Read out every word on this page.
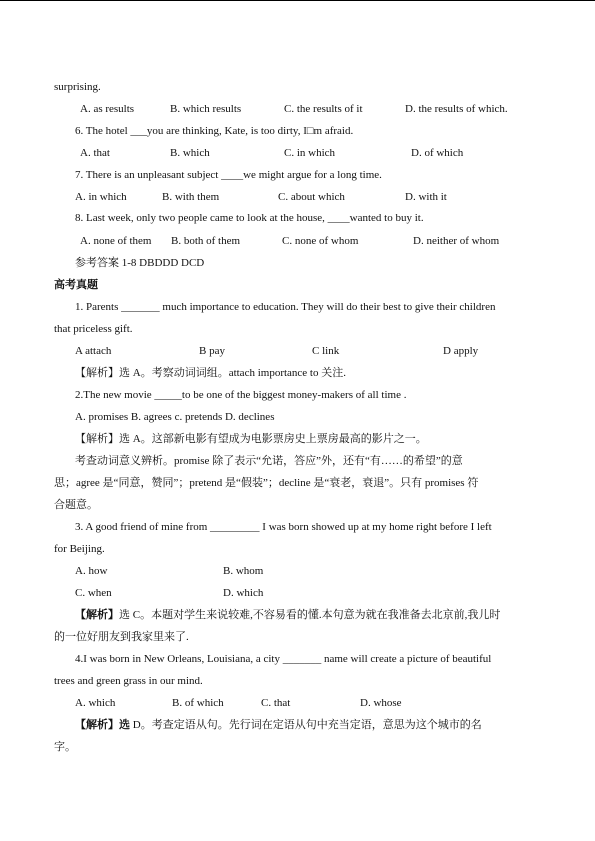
surprising.
A. as results	B. which results	C. the results of it	D. the results of which.
6. The hotel ___you are thinking, Kate, is too dirty, I□m afraid.
A. that	B. which	C. in which	D. of which
7. There is an unpleasant subject ____we might argue for a long time.
A. in which	B. with them	C. about which	D. with it
8. Last week, only two people came to look at the house, ____wanted to buy it.
A. none of them B. both of them	C. none of whom	D. neither of whom
参考答案 1-8 DBDDD DCD
高考真题
1. Parents _______ much importance to education. They will do their best to give their children
that priceless gift.
A attach	B pay	C link	D apply
【解析】选 A。考察动词词组。attach importance to 关注.
2.The new movie _____to be one of the biggest money-makers of all time .
A. promises B. agrees c. pretends D. declines
【解析】选 A。这部新电影有望成为电影票房史上票房最高的影片之一。
考查动词意义辨析。promise 除了表示“允诺，答应”外，还有“有……的希望”的意
思；agree 是“同意，赞同”；pretend 是“假装”；decline 是“衰老，衰退”。只有 promises 符
合题意。
3. A good friend of mine from _________ I was born showed up at my home right before I left
for Beijing.
A. how	B. whom
C. when	D. which
【解析】选 C。本题对学生来说较难,不容易看的懂.本句意为就在我准备去北京前,我儿时
的一位好朋友到我家里来了.
4.I was born in New Orleans, Louisiana, a city _______ name will create a picture of beautiful
trees and green grass in our mind.
A. which	B. of which	C. that	D. whose
【解析】选 D。考查定语从句。先行词在定语从句中充当定语，意思为这个城市的名
字。
